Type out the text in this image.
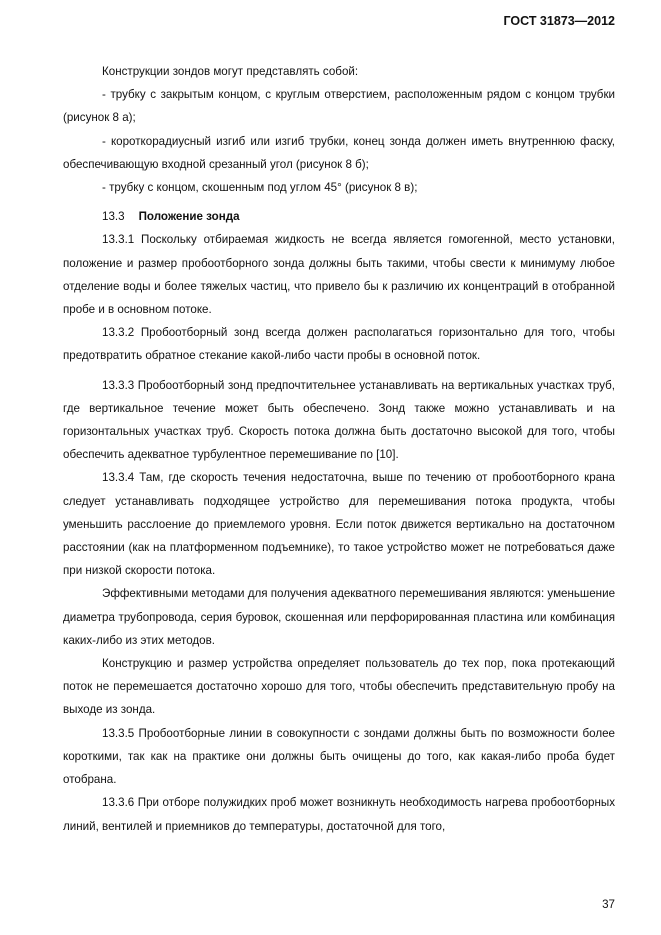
ГОСТ 31873—2012

Конструкции зондов могут представлять собой:

- трубку с закрытым концом, с круглым отверстием, расположенным рядом с концом трубки (рисунок 8 а);

- короткорадиусный изгиб или изгиб трубки, конец зонда должен иметь внутреннюю фаску, обеспечивающую входной срезанный угол (рисунок 8 б);

- трубку с концом, скошенным под углом 45° (рисунок 8 в);

13.3 Положение зонда

13.3.1 Поскольку отбираемая жидкость не всегда является гомогенной, место установки, положение и размер пробоотборного зонда должны быть такими, чтобы свести к минимуму любое отделение воды и более тяжелых частиц, что привело бы к различию их концентраций в отобранной пробе и в основном потоке.

13.3.2 Пробоотборный зонд всегда должен располагаться горизонтально для того, чтобы предотвратить обратное стекание какой-либо части пробы в основной поток.

13.3.3 Пробоотборный зонд предпочтительнее устанавливать на вертикальных участках труб, где вертикальное течение может быть обеспечено. Зонд также можно устанавливать и на горизонтальных участках труб. Скорость потока должна быть достаточно высокой для того, чтобы обеспечить адекватное турбулентное перемешивание по [10].

13.3.4 Там, где скорость течения недостаточна, выше по течению от пробоотборного крана следует устанавливать подходящее устройство для перемешивания потока продукта, чтобы уменьшить расслоение до приемлемого уровня. Если поток движется вертикально на достаточном расстоянии (как на платформенном подъемнике), то такое устройство может не потребоваться даже при низкой скорости потока.

Эффективными методами для получения адекватного перемешивания являются: уменьшение диаметра трубопровода, серия буровок, скошенная или перфорированная пластина или комбинация каких-либо из этих методов.

Конструкцию и размер устройства определяет пользователь до тех пор, пока протекающий поток не перемешается достаточно хорошо для того, чтобы обеспечить представительную пробу на выходе из зонда.

13.3.5 Пробоотборные линии в совокупности с зондами должны быть по возможности более короткими, так как на практике они должны быть очищены до того, как какая-либо проба будет отобрана.

13.3.6 При отборе полужидких проб может возникнуть необходимость нагрева пробоотборных линий, вентилей и приемников до температуры, достаточной для того,

37
